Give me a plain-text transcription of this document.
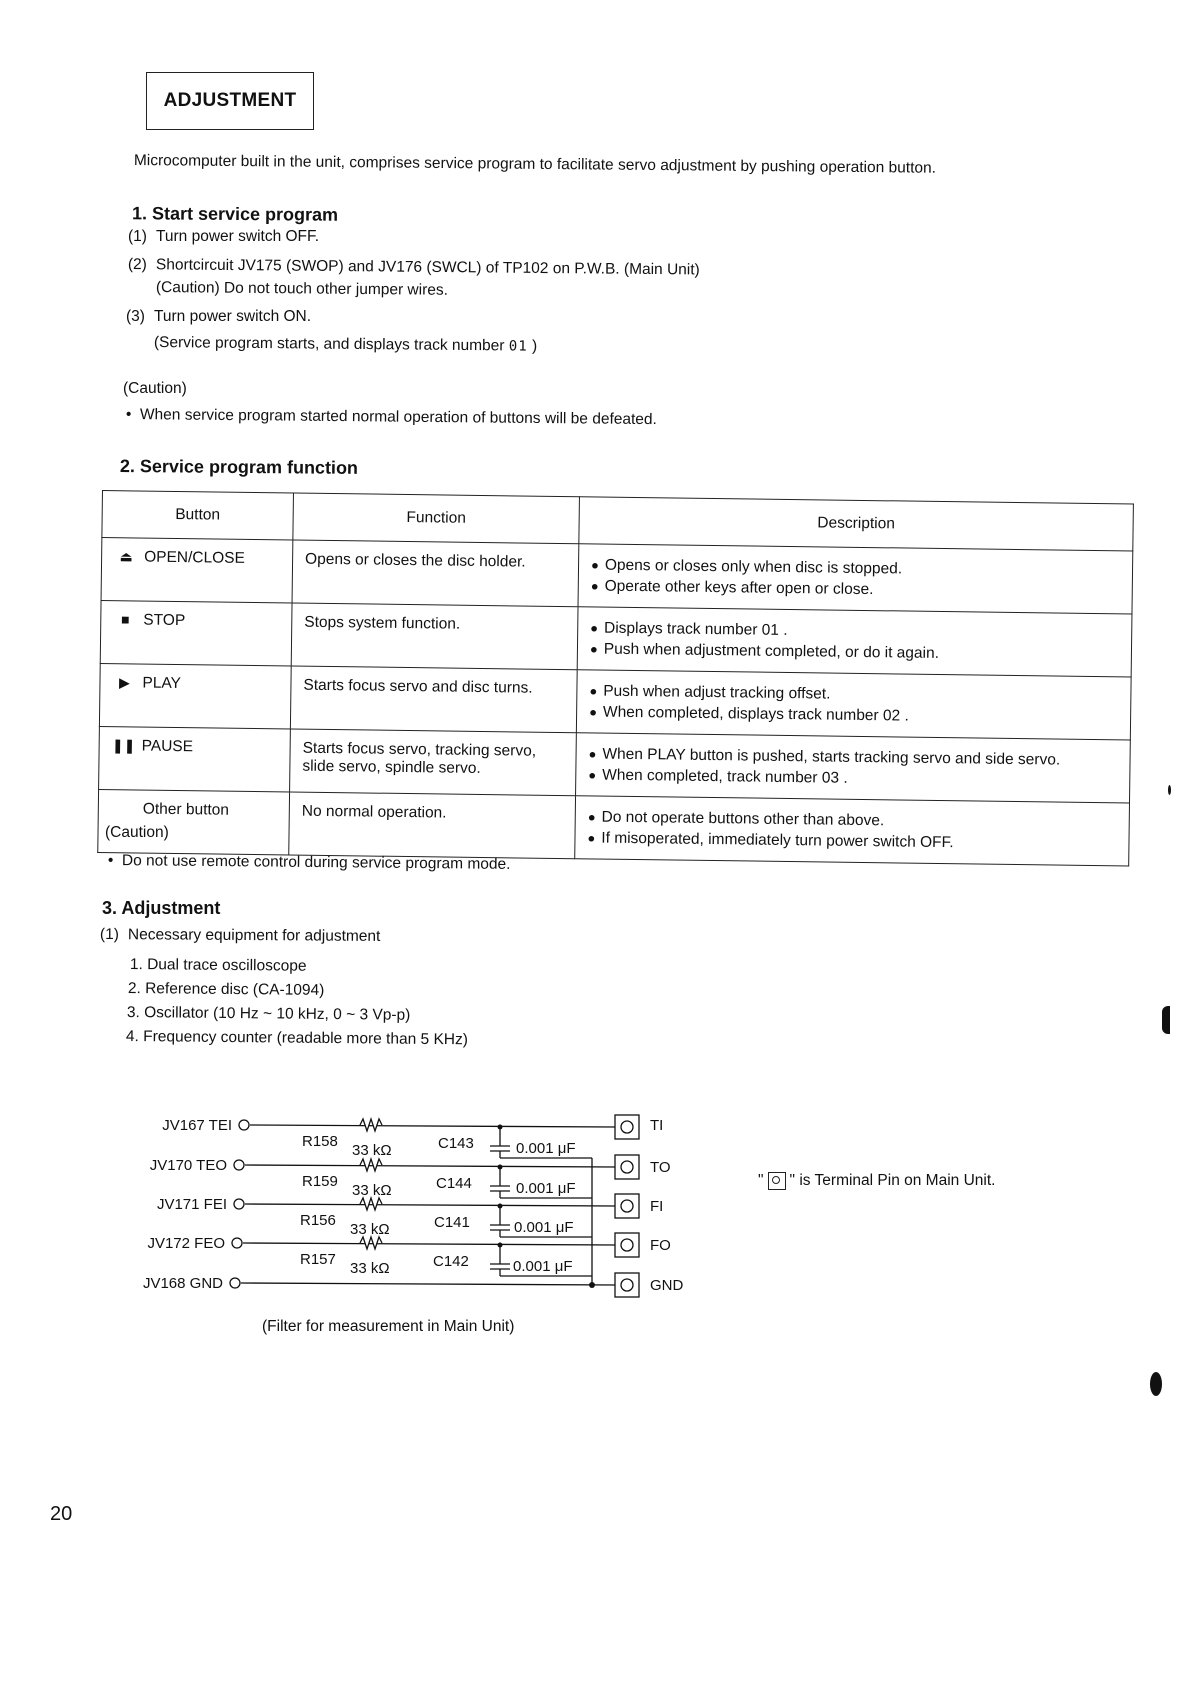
ADJUSTMENT
Microcomputer built in the unit, comprises service program to facilitate servo adjustment by pushing operation button.
1. Start service program
(1) Turn power switch OFF.
(2) Shortcircuit JV175 (SWOP) and JV176 (SWCL) of TP102 on P.W.B. (Main Unit)
(Caution) Do not touch other jumper wires.
(3) Turn power switch ON.
(Service program starts, and displays track number 01 )
(Caution)
•  When service program started normal operation of buttons will be defeated.
2. Service program function
Button	Function	Description
⏏ OPEN/CLOSE	Opens or closes the disc holder.	● Opens or closes only when disc is stopped.
● Operate other keys after open or close.

■ STOP	Stops system function.	● Displays track number 01 .
● Push when adjustment completed, or do it again.

▶ PLAY	Starts focus servo and disc turns.	● Push when adjust tracking offset.
● When completed, displays track number 02 .

❚❚ PAUSE	Starts focus servo, tracking servo, slide servo, spindle servo.	● When PLAY button is pushed, starts tracking servo and side servo.
● When completed, track number 03 .

Other button	No normal operation.	● Do not operate buttons other than above.
● If misoperated, immediately turn power switch OFF.
(Caution)
•  Do not use remote control during service program mode.
3. Adjustment
(1) Necessary equipment for adjustment
1. Dual trace oscilloscope
2. Reference disc (CA-1094)
3. Oscillator (10 Hz ~ 10 kHz, 0 ~ 3 Vp-p)
4. Frequency counter (readable more than 5 KHz)
JV167 TEI
JV170 TEO
JV171 FEI
JV172 FEO
JV168 GND
R158
33 kΩ
R159
33 kΩ
R156
33 kΩ
R157
33 kΩ
C143	0.001 μF
C144	0.001 μF
C141	0.001 μF
C142	0.001 μF
TI
TO
FI
FO
GND
(Filter for measurement in Main Unit)
" " is Terminal Pin on Main Unit.
20
